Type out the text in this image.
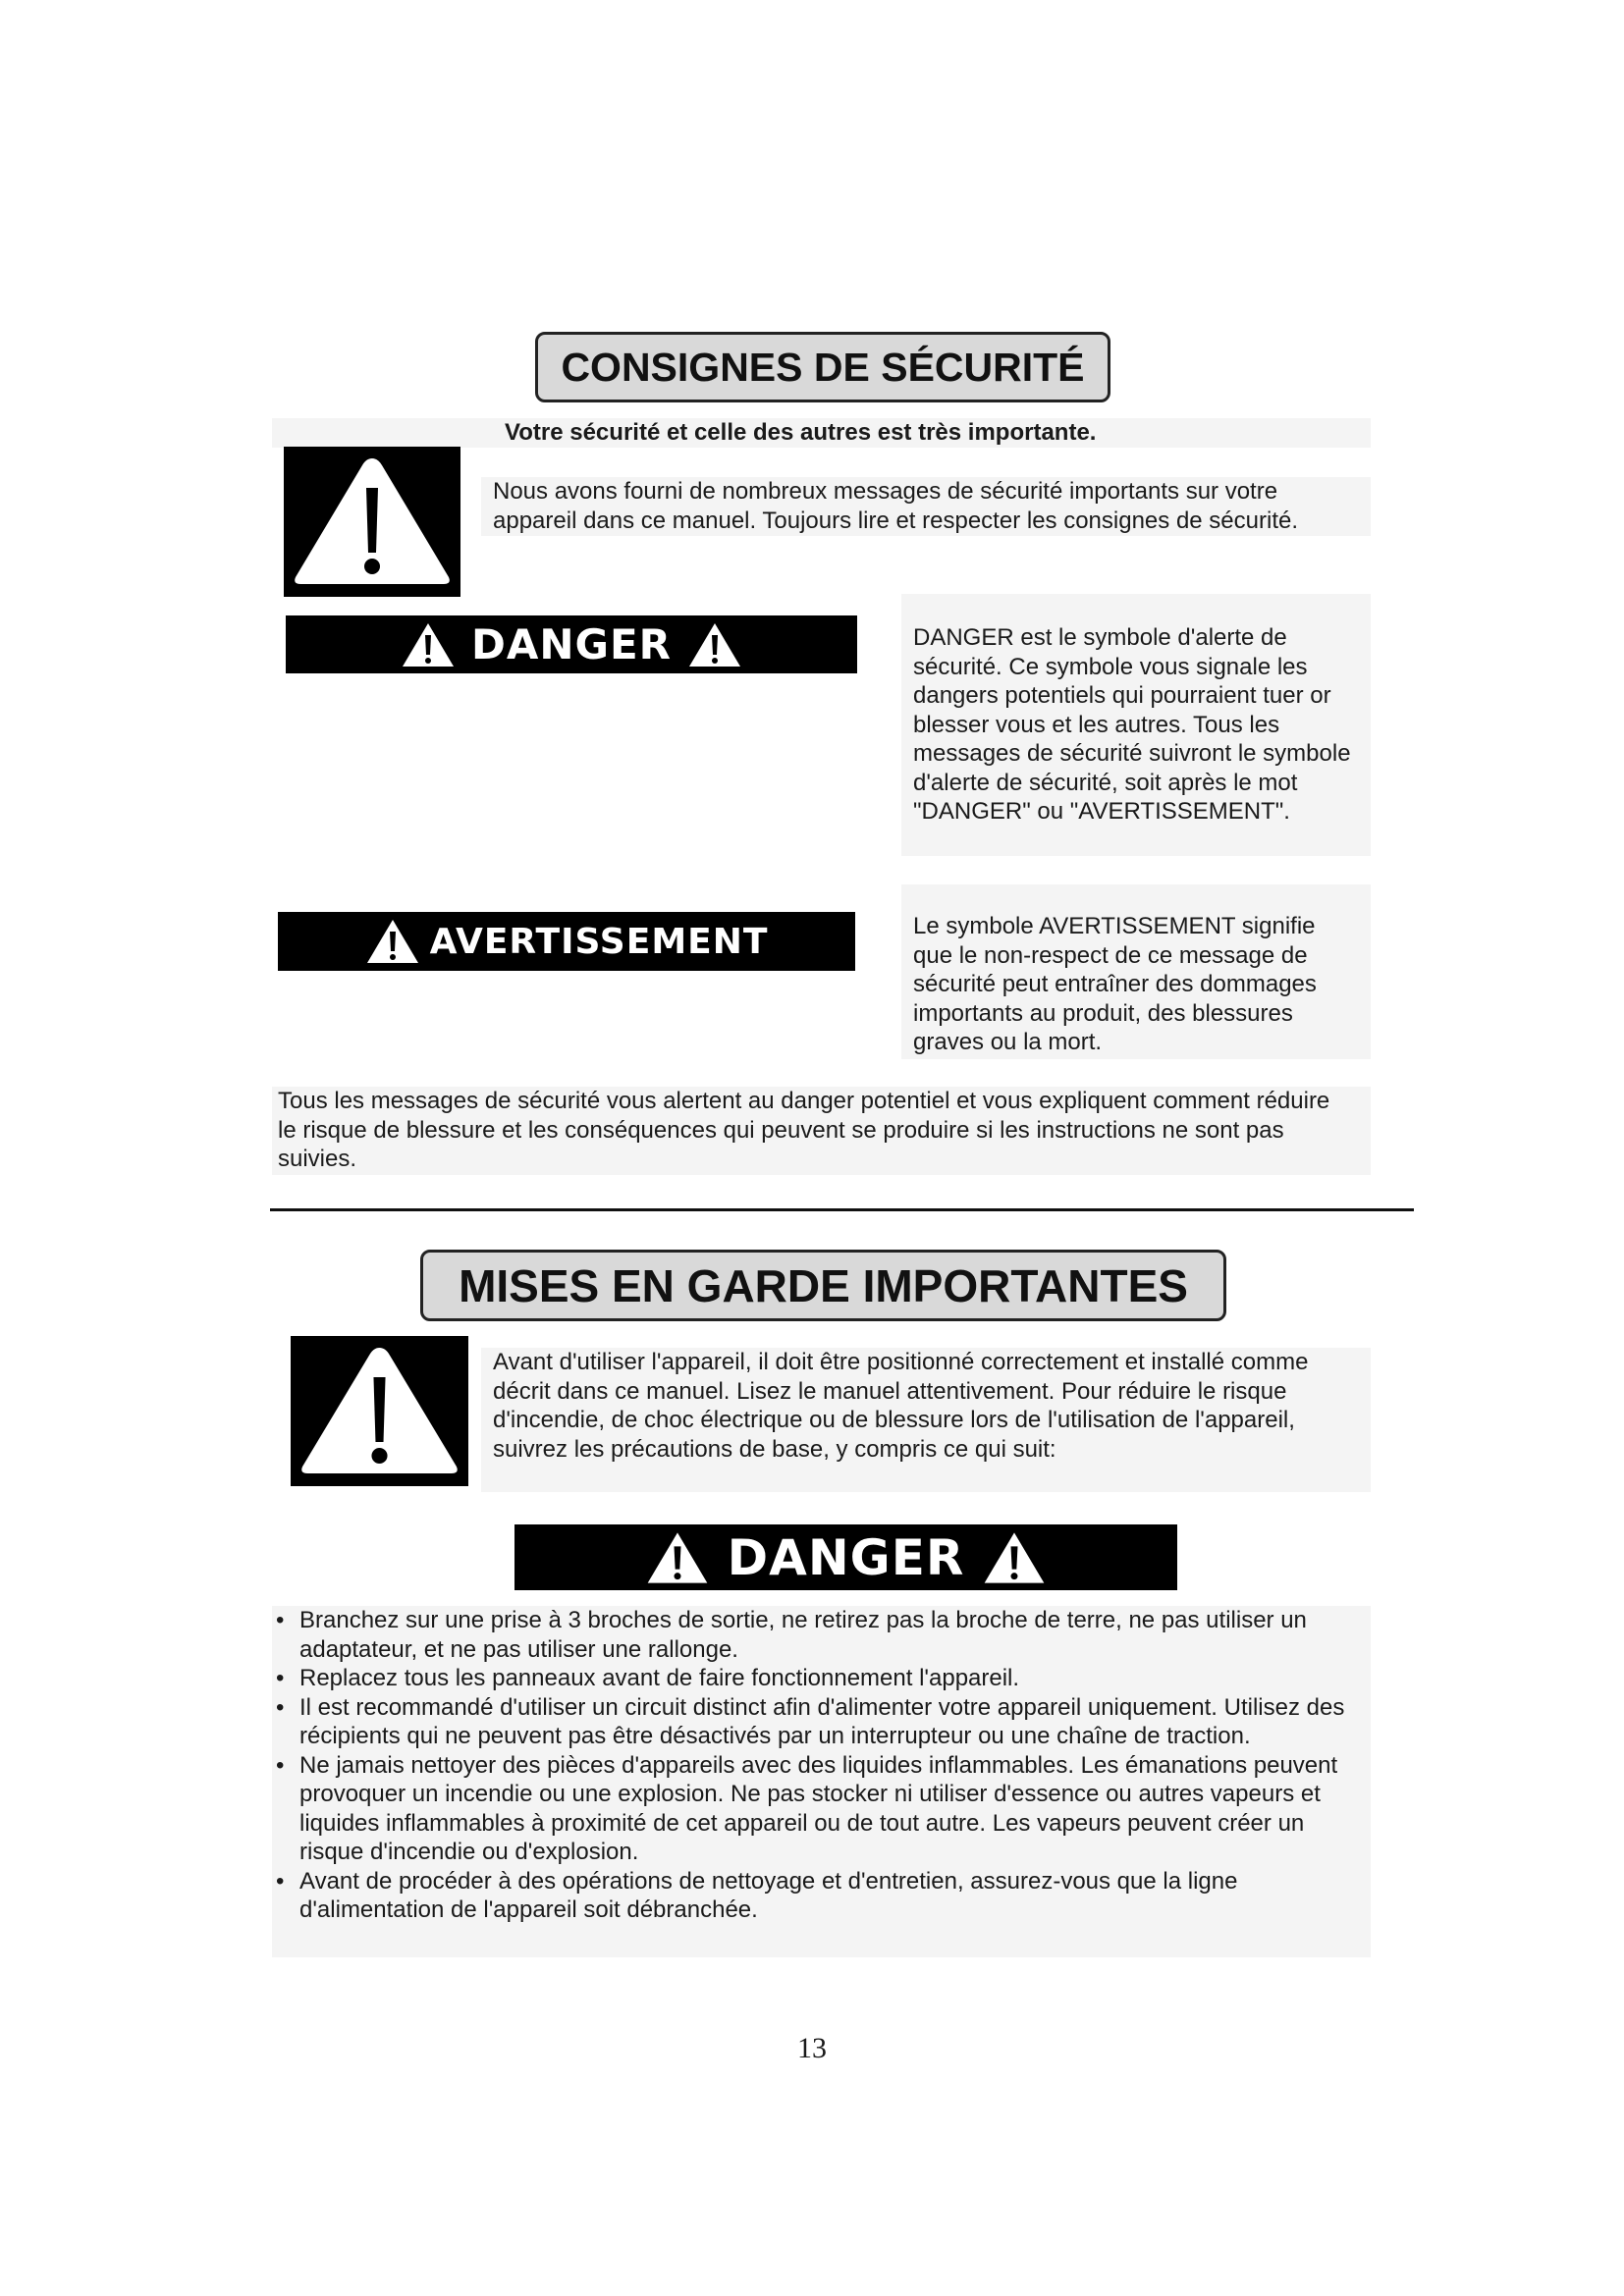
CONSIGNES DE SÉCURITÉ
Votre sécurité et celle des autres est très importante.
Nous avons fourni de nombreux messages de sécurité importants sur votre appareil dans ce manuel. Toujours lire et respecter les consignes de sécurité.
DANGER	DANGER est le symbole d'alerte de sécurité. Ce symbole vous signale les dangers potentiels qui pourraient tuer or blesser vous et les autres. Tous les messages de sécurité suivront le symbole d'alerte de sécurité, soit après le mot "DANGER" ou "AVERTISSEMENT".
AVERTISSEMENT	Le symbole AVERTISSEMENT signifie que le non-respect de ce message de sécurité peut entraîner des dommages importants au produit, des blessures graves ou la mort.
Tous les messages de sécurité vous alertent au danger potentiel et vous expliquent comment réduire le risque de blessure et les conséquences qui peuvent se produire si les instructions ne sont pas suivies.
MISES EN GARDE IMPORTANTES
Avant d'utiliser l'appareil, il doit être positionné correctement et installé comme décrit dans ce manuel. Lisez le manuel attentivement. Pour réduire le risque d'incendie, de choc électrique ou de blessure lors de l'utilisation de l'appareil, suivrez les précautions de base, y compris ce qui suit:
DANGER
• Branchez sur une prise à 3 broches de sortie, ne retirez pas la broche de terre, ne pas utiliser un adaptateur, et ne pas utiliser une rallonge.
• Replacez tous les panneaux avant de faire fonctionnement l'appareil.
• Il est recommandé d'utiliser un circuit distinct afin d'alimenter votre appareil uniquement. Utilisez des récipients qui ne peuvent pas être désactivés par un interrupteur ou une chaîne de traction.
• Ne jamais nettoyer des pièces d'appareils avec des liquides inflammables. Les émanations peuvent provoquer un incendie ou une explosion. Ne pas stocker ni utiliser d'essence ou autres vapeurs et liquides inflammables à proximité de cet appareil ou de tout autre. Les vapeurs peuvent créer un risque d'incendie ou d'explosion.
• Avant de procéder à des opérations de nettoyage et d'entretien, assurez-vous que la ligne d'alimentation de l'appareil soit débranchée.
13
